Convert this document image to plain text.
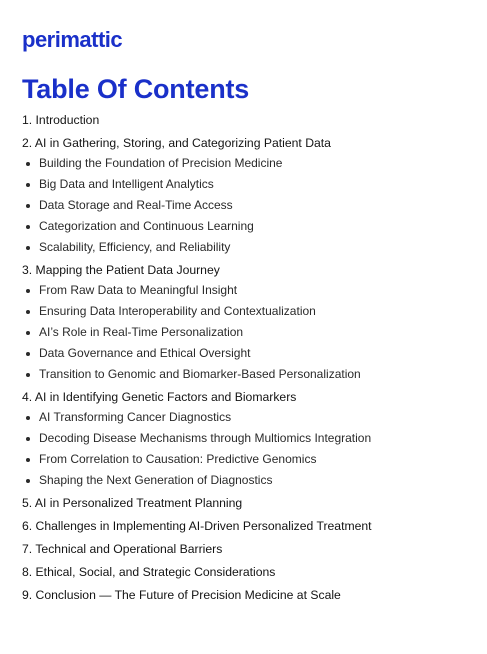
perimattic
Table Of Contents
1. Introduction
2. AI in Gathering, Storing, and Categorizing Patient Data
Building the Foundation of Precision Medicine
Big Data and Intelligent Analytics
Data Storage and Real-Time Access
Categorization and Continuous Learning
Scalability, Efficiency, and Reliability
3. Mapping the Patient Data Journey
From Raw Data to Meaningful Insight
Ensuring Data Interoperability and Contextualization
AI’s Role in Real-Time Personalization
Data Governance and Ethical Oversight
Transition to Genomic and Biomarker-Based Personalization
4. AI in Identifying Genetic Factors and Biomarkers
AI Transforming Cancer Diagnostics
Decoding Disease Mechanisms through Multiomics Integration
From Correlation to Causation: Predictive Genomics
Shaping the Next Generation of Diagnostics
5. AI in Personalized Treatment Planning
6. Challenges in Implementing AI-Driven Personalized Treatment
7. Technical and Operational Barriers
8. Ethical, Social, and Strategic Considerations
9. Conclusion — The Future of Precision Medicine at Scale
